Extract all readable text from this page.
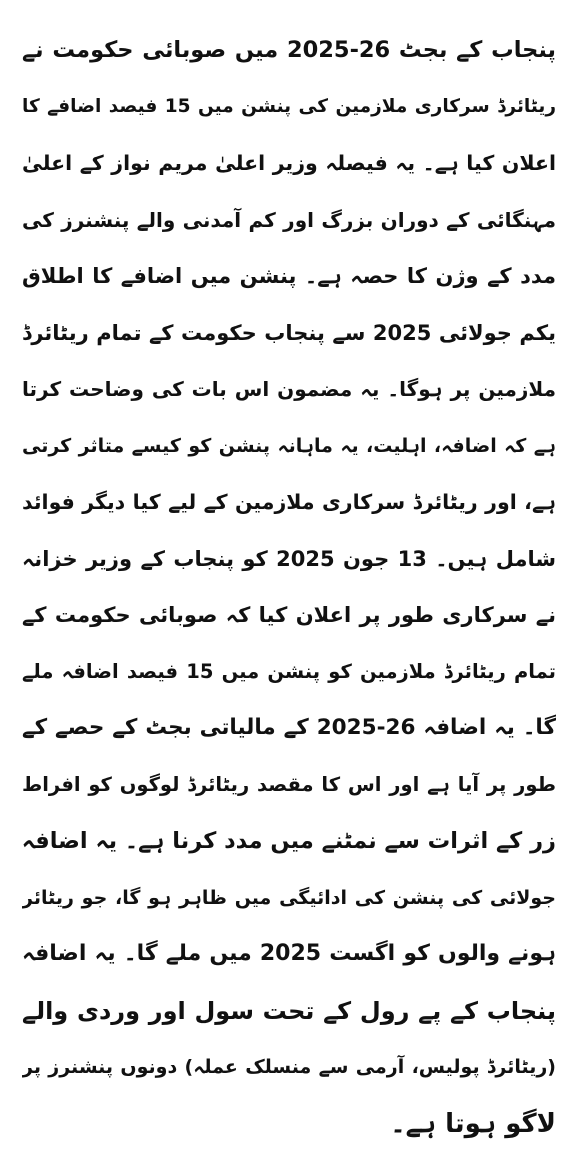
پنجاب کے بجٹ 26-2025 میں صوبائی حکومت نے
ریٹائرڈ سرکاری ملازمین کی پنشن میں 15 فیصد اضافے کا
اعلان کیا ہے۔ یہ فیصلہ وزیر اعلیٰ مریم نواز کے اعلیٰ
مہنگائی کے دوران بزرگ اور کم آمدنی والے پنشنرز کی
مدد کے وژن کا حصہ ہے۔ پنشن میں اضافے کا اطلاق
یکم جولائی 2025 سے پنجاب حکومت کے تمام ریٹائرڈ
ملازمین پر ہوگا۔ یہ مضمون اس بات کی وضاحت کرتا
ہے کہ اضافہ، اہلیت، یہ ماہانہ پنشن کو کیسے متاثر کرتی
ہے، اور ریٹائرڈ سرکاری ملازمین کے لیے کیا دیگر فوائد
شامل ہیں۔ 13 جون 2025 کو پنجاب کے وزیر خزانہ
نے سرکاری طور پر اعلان کیا کہ صوبائی حکومت کے
تمام ریٹائرڈ ملازمین کو پنشن میں 15 فیصد اضافہ ملے
گا۔ یہ اضافہ 26-2025 کے مالیاتی بجٹ کے حصے کے
طور پر آیا ہے اور اس کا مقصد ریٹائرڈ لوگوں کو افراط
زر کے اثرات سے نمٹنے میں مدد کرنا ہے۔ یہ اضافہ
جولائی کی پنشن کی ادائیگی میں ظاہر ہو گا، جو ریٹائر
ہونے والوں کو اگست 2025 میں ملے گا۔ یہ اضافہ
پنجاب کے پے رول کے تحت سول اور وردی والے
(ریٹائرڈ پولیس، آرمی سے منسلک عملہ) دونوں پنشنرز پر
لاگو ہوتا ہے۔
